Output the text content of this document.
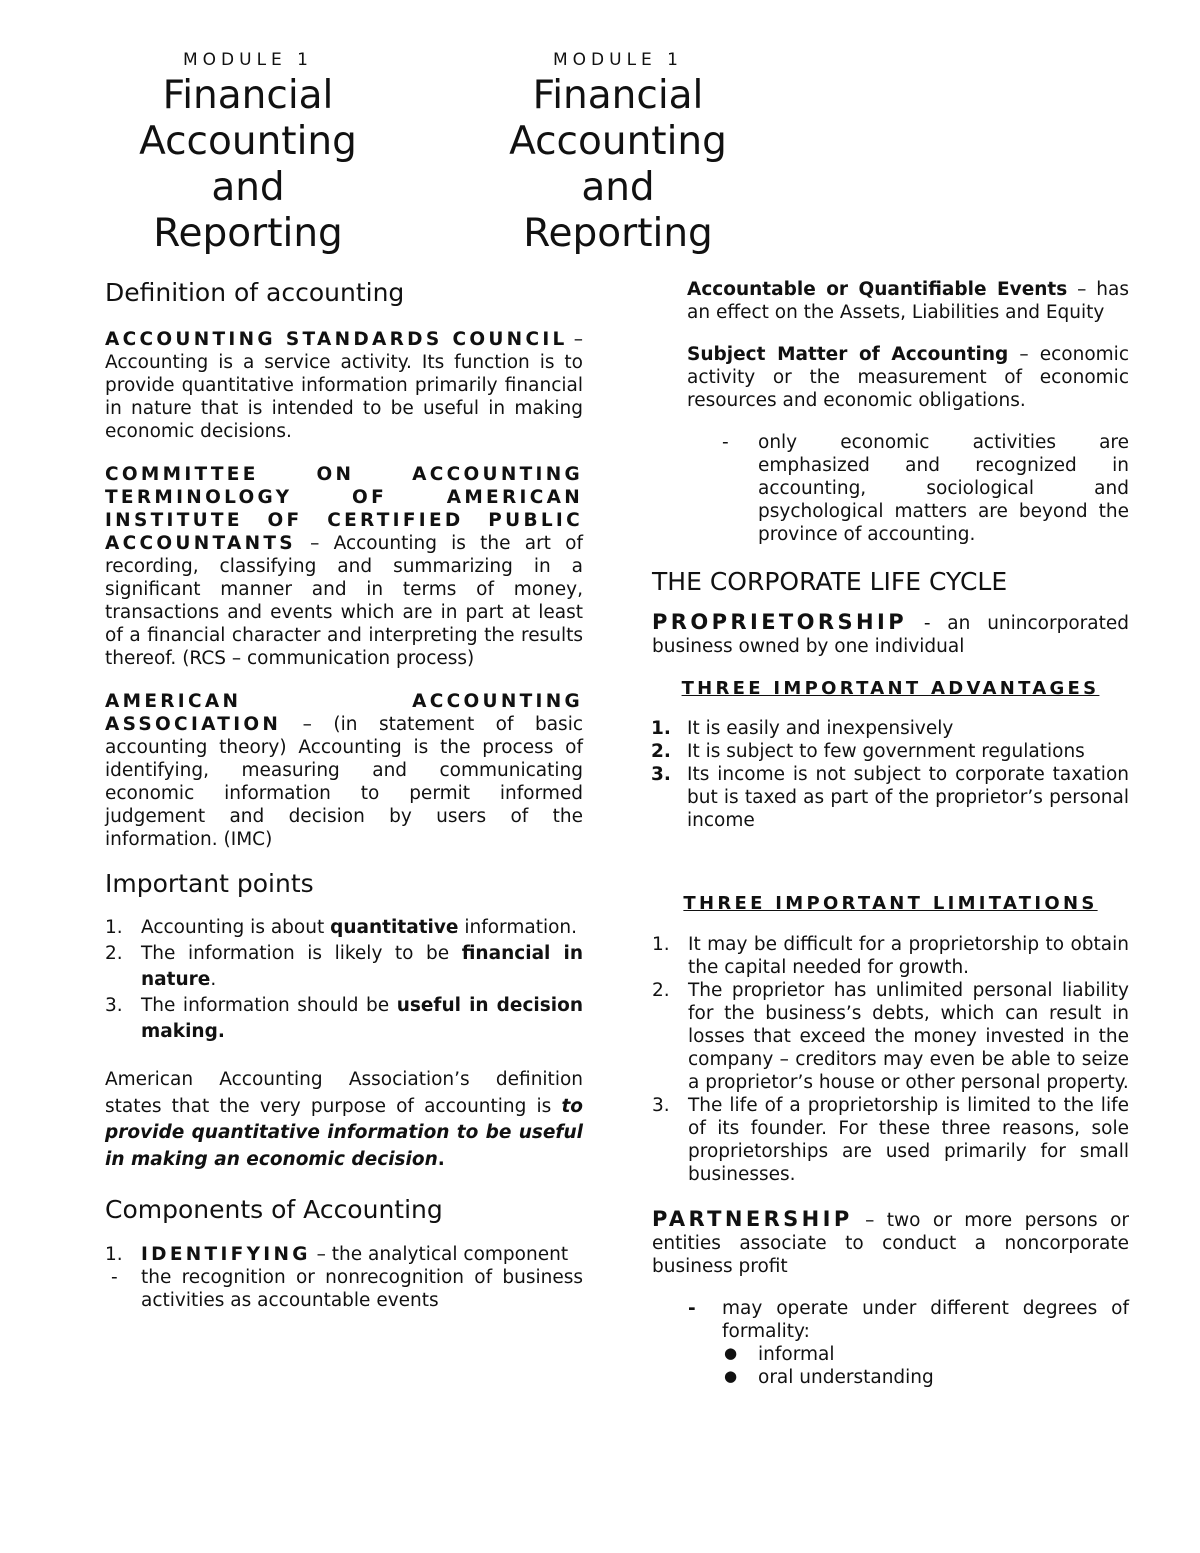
MODULE 1
Financial
Accounting
and
Reporting
MODULE 1
Financial
Accounting
and
Reporting

Definition of accounting

ACCOUNTING STANDARDS COUNCIL – Accounting is a service activity. Its function is to provide quantitative information primarily financial in nature that is intended to be useful in making economic decisions.

COMMITTEE ON ACCOUNTING TERMINOLOGY OF AMERICAN INSTITUTE OF CERTIFIED PUBLIC ACCOUNTANTS – Accounting is the art of recording, classifying and summarizing in a significant manner and in terms of money, transactions and events which are in part at least of a financial character and interpreting the results thereof. (RCS – communication process)

AMERICAN ACCOUNTING ASSOCIATION – (in statement of basic accounting theory) Accounting is the process of identifying, measuring and communicating economic information to permit informed judgement and decision by users of the information. (IMC)

Important points

1. Accounting is about quantitative information.
2. The information is likely to be financial in nature.
3. The information should be useful in decision making.

American Accounting Association’s definition states that the very purpose of accounting is to provide quantitative information to be useful in making an economic decision.

Components of Accounting

1. IDENTIFYING – the analytical component
- the recognition or nonrecognition of business activities as accountable events

Accountable or Quantifiable Events – has an effect on the Assets, Liabilities and Equity

Subject Matter of Accounting – economic activity or the measurement of economic resources and economic obligations.

- only economic activities are emphasized and recognized in accounting, sociological and psychological matters are beyond the province of accounting.

THE CORPORATE LIFE CYCLE

PROPRIETORSHIP - an unincorporated business owned by one individual

THREE IMPORTANT ADVANTAGES

1. It is easily and inexpensively
2. It is subject to few government regulations
3. Its income is not subject to corporate taxation but is taxed as part of the proprietor’s personal income

THREE IMPORTANT LIMITATIONS

1. It may be difficult for a proprietorship to obtain the capital needed for growth.
2. The proprietor has unlimited personal liability for the business’s debts, which can result in losses that exceed the money invested in the company – creditors may even be able to seize a proprietor’s house or other personal property.
3. The life of a proprietorship is limited to the life of its founder. For these three reasons, sole proprietorships are used primarily for small businesses.

PARTNERSHIP – two or more persons or entities associate to conduct a noncorporate business profit

- may operate under different degrees of formality:
● informal
● oral understanding
